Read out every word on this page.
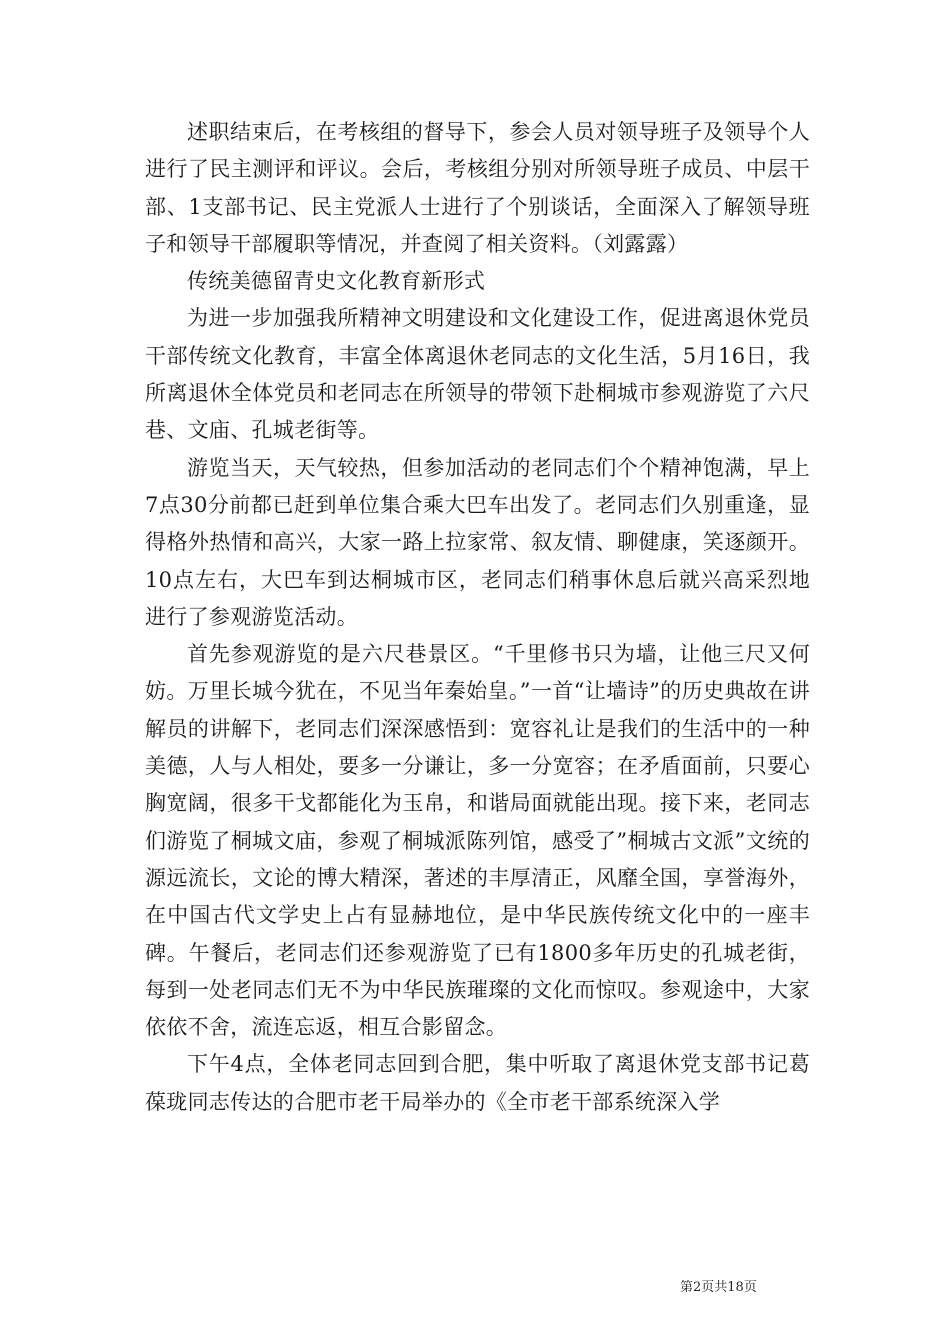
述职结束后，在考核组的督导下，参会人员对领导班子及领导个人进行了民主测评和评议。会后，考核组分别对所领导班子成员、中层干部、1支部书记、民主党派人士进行了个别谈话，全面深入了解领导班子和领导干部履职等情况，并查阅了相关资料。（刘露露）

传统美德留青史文化教育新形式

为进一步加强我所精神文明建设和文化建设工作，促进离退休党员干部传统文化教育，丰富全体离退休老同志的文化生活，5月16日，我所离退休全体党员和老同志在所领导的带领下赴桐城市参观游览了六尺巷、文庙、孔城老街等。

游览当天，天气较热，但参加活动的老同志们个个精神饱满，早上7点30分前都已赶到单位集合乘大巴车出发了。老同志们久别重逢，显得格外热情和高兴，大家一路上拉家常、叙友情、聊健康，笑逐颜开。10点左右，大巴车到达桐城市区，老同志们稍事休息后就兴高采烈地进行了参观游览活动。

首先参观游览的是六尺巷景区。“千里修书只为墙，让他三尺又何妨。万里长城今犹在，不见当年秦始皇。”一首“让墙诗”的历史典故在讲解员的讲解下，老同志们深深感悟到：宽容礼让是我们的生活中的一种美德，人与人相处，要多一分谦让，多一分宽容；在矛盾面前，只要心胸宽阔，很多干戈都能化为玉帛，和谐局面就能出现。接下来，老同志们游览了桐城文庙，参观了桐城派陈列馆，感受了”桐城古文派”文统的源远流长，文论的博大精深，著述的丰厚清正，风靡全国，享誉海外，在中国古代文学史上占有显赫地位，是中华民族传统文化中的一座丰碑。午餐后，老同志们还参观游览了已有1800多年历史的孔城老街，每到一处老同志们无不为中华民族璀璨的文化而惊叹。参观途中，大家依依不舍，流连忘返，相互合影留念。

下午4点，全体老同志回到合肥，集中听取了离退休党支部书记葛葆珑同志传达的合肥市老干局举办的《全市老干部系统深入学

第2页共18页
